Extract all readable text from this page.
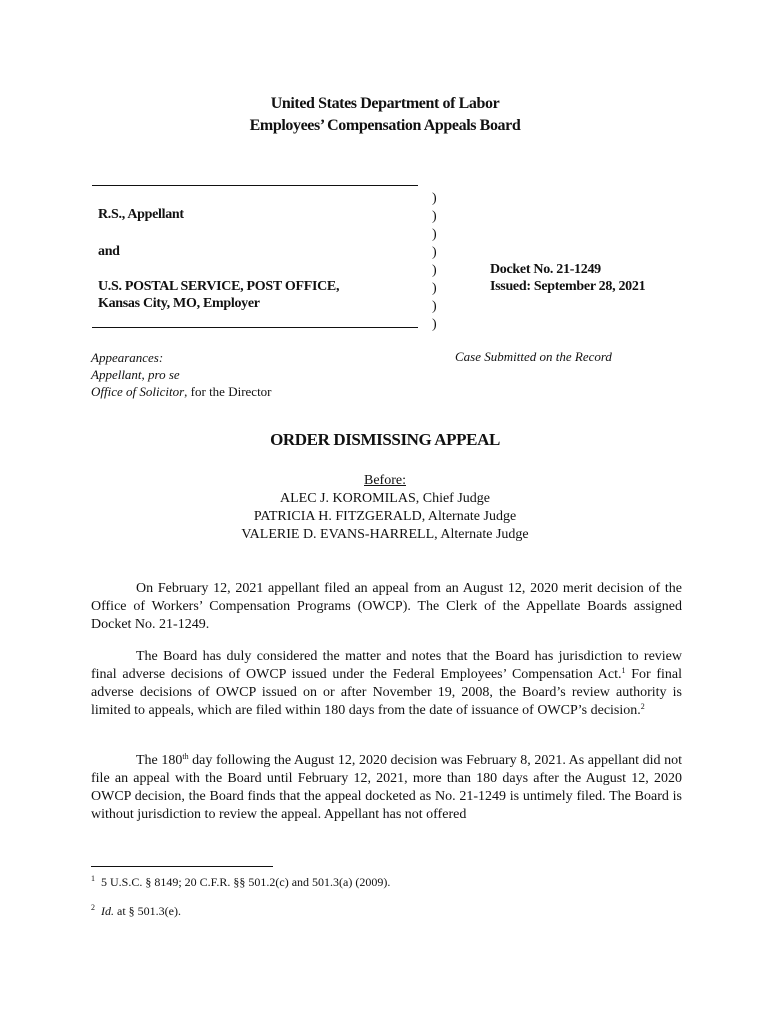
United States Department of Labor
Employees’ Compensation Appeals Board
R.S., Appellant
and
U.S. POSTAL SERVICE, POST OFFICE,
Kansas City, MO, Employer
)
)
)
)
)
)
)
)
Docket No. 21-1249
Issued: September 28, 2021
Appearances:
Appellant, pro se
Office of Solicitor, for the Director
Case Submitted on the Record
ORDER DISMISSING APPEAL
Before:
ALEC J. KOROMILAS, Chief Judge
PATRICIA H. FITZGERALD, Alternate Judge
VALERIE D. EVANS-HARRELL, Alternate Judge

On February 12, 2021 appellant filed an appeal from an August 12, 2020 merit decision of the Office of Workers’ Compensation Programs (OWCP). The Clerk of the Appellate Boards assigned Docket No. 21-1249.

The Board has duly considered the matter and notes that the Board has jurisdiction to review final adverse decisions of OWCP issued under the Federal Employees’ Compensation Act.$^1$ For final adverse decisions of OWCP issued on or after November 19, 2008, the Board’s review authority is limited to appeals, which are filed within 180 days from the date of issuance of OWCP’s decision.$^2$

The 180th day following the August 12, 2020 decision was February 8, 2021. As appellant did not file an appeal with the Board until February 12, 2021, more than 180 days after the August 12, 2020 OWCP decision, the Board finds that the appeal docketed as No. 21-1249 is untimely filed. The Board is without jurisdiction to review the appeal. Appellant has not offered

$^1$ 5 U.S.C. § 8149; 20 C.F.R. §§ 501.2(c) and 501.3(a) (2009).
$^2$ Id. at § 501.3(e).
